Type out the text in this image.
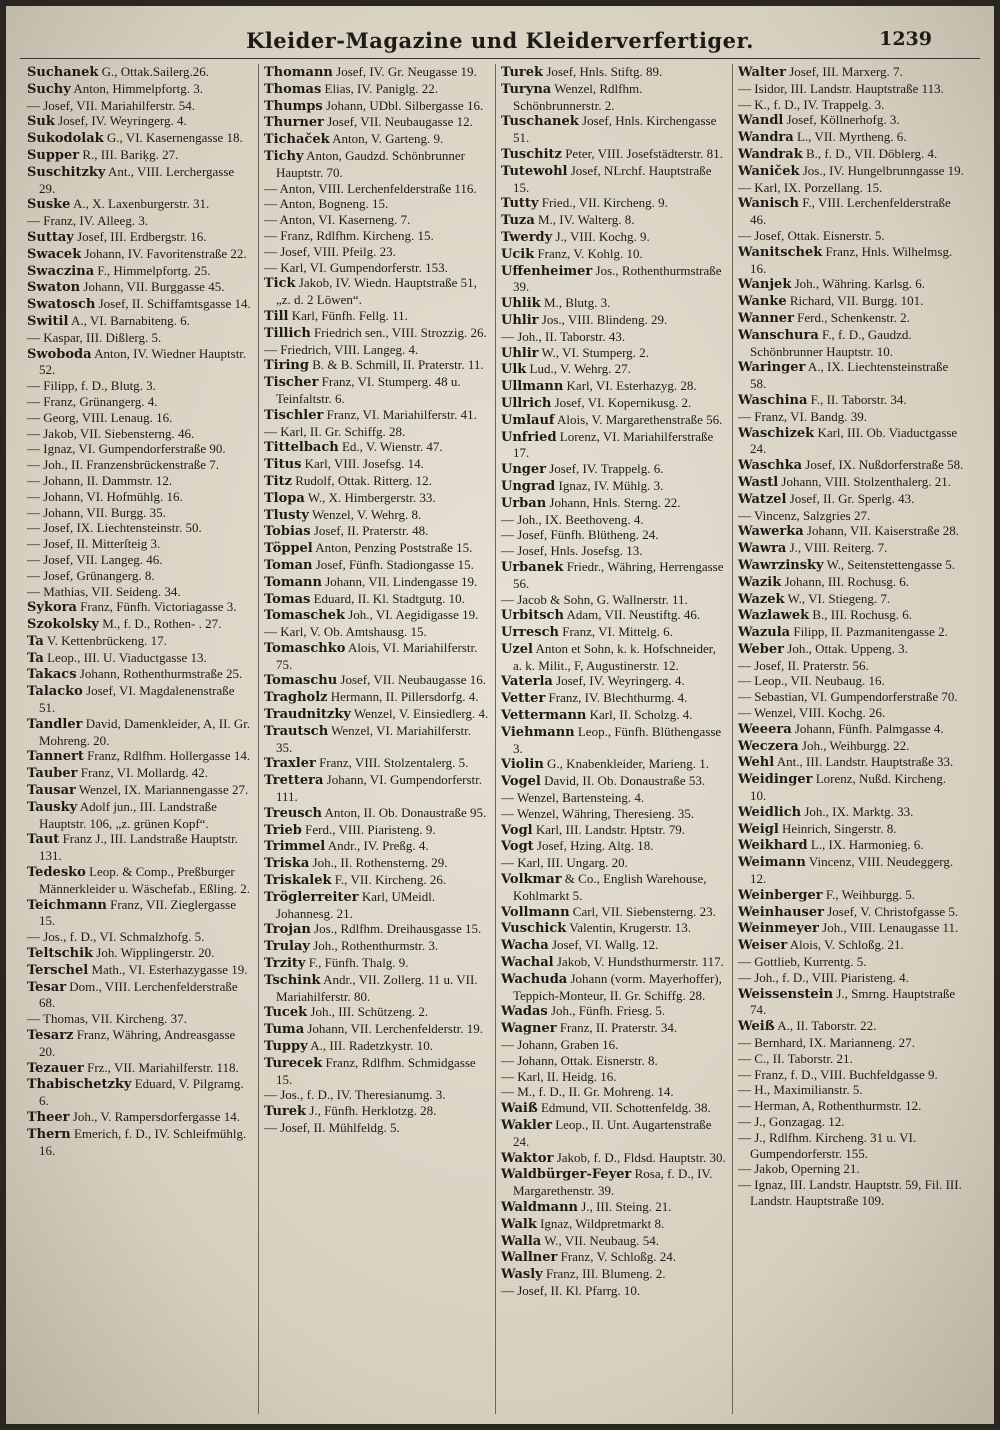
Kleider-Magazine und Kleiderverfertiger.	1239
Suchanek G., Ottak.Sailerg.26.
Suchy Anton, Himmelpfortg. 3.
— Josef, VII. Mariahilferstr. 54.
Suk Josef, IV. Weyringerg. 4.
Sukodolak G., VI. Kasernengasse 18.
Supper R., III. Bariķg. 27.
Suschitzky Ant., VIII. Lerchergasse 29.
Suske A., X. Laxenburgerstr. 31.
— Franz, IV. Alleeg. 3.
Suttay Josef, III. Erdbergstr. 16.
Swacek Johann, IV. Favoritenstraße 22.
Swaczina F., Himmelpfortg. 25.
Swaton Johann, VII. Burggasse 45.
Swatosch Josef, II. Schiffamtsgasse 14.
Switil A., VI. Barnabiteng. 6.
— Kaspar, III. Dißlerg. 5.
Swoboda Anton, IV. Wiedner Hauptstr. 52.
— Filipp, f. D., Blutg. 3.
— Franz, Grünangerg. 4.
— Georg, VIII. Lenaug. 16.
— Jakob, VII. Siebensterng. 46.
— Ignaz, VI. Gumpendorferstraße 90.
— Joh., II. Franzensbrückenstraße 7.
— Johann, II. Dammstr. 12.
— Johann, VI. Hofmühlg. 16.
— Johann, VII. Burgg. 35.
— Josef, IX. Liechtensteinstr. 50.
— Josef, II. Mitterſteig 3.
— Josef, VII. Langeg. 46.
— Josef, Grünangerg. 8.
— Mathias, VII. Seideng. 34.
Sykora Franz, Fünfh. Victoriagasse 3.
Szokolsky M., f. D., Rothen- . 27.
Ta V. Kettenbrückeng. 17.
Ta Leop., III. U. Viaductgasse 13.
Takacs Johann, Rothenthurmstraße 25.
Talacko Josef, VI. Magdalenenstraße 51.
Tandler David, Damenkleider, A, II. Gr. Mohreng. 20.
Tannert Franz, Rdlfhm. Hollergasse 14.
Tauber Franz, VI. Mollardg. 42.
Tausar Wenzel, IX. Mariannengasse 27.
Tausky Adolf jun., III. Landstraße Hauptstr. 106, „z. grünen Kopf“.
Taut Franz J., III. Landstraße Hauptstr. 131.
Tedesko Leop. & Comp., Preßburger Männerkleider u. Wäschefab., Eßling. 2.
Teichmann Franz, VII. Zieglergasse 15.
— Jos., f. D., VI. Schmalzhofg. 5.
Teltschik Joh. Wipplingerstr. 20.
Terschel Math., VI. Esterhazygasse 19.
Tesar Dom., VIII. Lerchenfelderstraße 68.
— Thomas, VII. Kircheng. 37.
Tesarz Franz, Währing, Andreasgasse 20.
Tezauer Frz., VII. Mariahilferstr. 118.
Thabischetzky Eduard, V. Pilgramg. 6.
Theer Joh., V. Rampersdorfergasse 14.
Thern Emerich, f. D., IV. Schleifmühlg. 16.
Thomann Josef, IV. Gr. Neugasse 19.
Thomas Elias, IV. Paniglg. 22.
Thumps Johann, UDbl. Silbergasse 16.
Thurner Josef, VII. Neubaugasse 12.
Tichaček Anton, V. Garteng. 9.
Tichy Anton, Gaudzd. Schönbrunner Hauptstr. 70.
— Anton, VIII. Lerchenfelderstraße 116.
— Anton, Bogneng. 15.
— Anton, VI. Kaserneng. 7.
— Franz, Rdlfhm. Kircheng. 15.
— Josef, VIII. Pfeilg. 23.
— Karl, VI. Gumpendorferstr. 153.
Tick Jakob, IV. Wiedn. Hauptstraße 51, „z. d. 2 Löwen“.
Till Karl, Fünfh. Fellg. 11.
Tillich Friedrich sen., VIII. Strozzig. 26.
— Friedrich, VIII. Langeg. 4.
Tiring B. & B. Schmill, II. Praterstr. 11.
Tischer Franz, VI. Stumperg. 48 u. Teinfaltstr. 6.
Tischler Franz, VI. Mariahilferstr. 41.
— Karl, II. Gr. Schiffg. 28.
Tittelbach Ed., V. Wienstr. 47.
Titus Karl, VIII. Josefsg. 14.
Titz Rudolf, Ottak. Ritterg. 12.
Tlopa W., X. Himbergerstr. 33.
Tlusty Wenzel, V. Wehrg. 8.
Tobias Josef, II. Praterstr. 48.
Töppel Anton, Penzing Poststraße 15.
Toman Josef, Fünfh. Stadiongasse 15.
Tomann Johann, VII. Lindengasse 19.
Tomas Eduard, II. Kl. Stadtgutg. 10.
Tomaschek Joh., VI. Aegidigasse 19.
— Karl, V. Ob. Amtshausg. 15.
Tomaschko Alois, VI. Mariahilferstr. 75.
Tomaschu Josef, VII. Neubaugasse 16.
Tragholz Hermann, II. Pillersdorfg. 4.
Traudnitzky Wenzel, V. Einsiedlerg. 4.
Trautsch Wenzel, VI. Mariahilferstr. 35.
Traxler Franz, VIII. Stolzentalerg. 5.
Trettera Johann, VI. Gumpendorferstr. 111.
Treusch Anton, II. Ob. Donaustraße 95.
Trieb Ferd., VIII. Piaristeng. 9.
Trimmel Andr., IV. Preßg. 4.
Triska Joh., II. Rothensterng. 29.
Triskalek F., VII. Kircheng. 26.
Tröglerreiter Karl, UMeidl. Johannesg. 21.
Trojan Jos., Rdlfhm. Dreihausgasse 15.
Trulay Joh., Rothenthurmstr. 3.
Trzity F., Fünfh. Thalg. 9.
Tschink Andr., VII. Zollerg. 11 u. VII. Mariahilferstr. 80.
Tucek Joh., III. Schützeng. 2.
Tuma Johann, VII. Lerchenfelderstr. 19.
Tuppy A., III. Radetzkystr. 10.
Turecek Franz, Rdlfhm. Schmidgasse 15.
— Jos., f. D., IV. Theresianumg. 3.
Turek J., Fünfh. Herklotzg. 28.
— Josef, II. Mühlfeldg. 5.
Turek Josef, Hnls. Stiftg. 89.
Turyna Wenzel, Rdlfhm. Schönbrunnerstr. 2.
Tuschanek Josef, Hnls. Kirchengasse 51.
Tuschitz Peter, VIII. Josefstädterstr. 81.
Tutewohl Josef, NLrchf. Hauptstraße 15.
Tutty Fried., VII. Kircheng. 9.
Tuza M., IV. Walterg. 8.
Twerdy J., VIII. Kochg. 9.
Ucik Franz, V. Kohlg. 10.
Uffenheimer Jos., Rothenthurmstraße 39.
Uhlik M., Blutg. 3.
Uhlir Jos., VIII. Blindeng. 29.
— Joh., II. Taborstr. 43.
Uhlir W., VI. Stumperg. 2.
Ulk Lud., V. Wehrg. 27.
Ullmann Karl, VI. Esterhazyg. 28.
Ullrich Josef, VI. Kopernikusg. 2.
Umlauf Alois, V. Margarethenstraße 56.
Unfried Lorenz, VI. Mariahilferstraße 17.
Unger Josef, IV. Trappelg. 6.
Ungrad Ignaz, IV. Mühlg. 3.
Urban Johann, Hnls. Sterng. 22.
— Joh., IX. Beethoveng. 4.
— Josef, Fünfh. Blütheng. 24.
— Josef, Hnls. Josefsg. 13.
Urbanek Friedr., Währing, Herrengasse 56.
— Jacob & Sohn, G. Wallnerstr. 11.
Urbitsch Adam, VII. Neustiftg. 46.
Urresch Franz, VI. Mittelg. 6.
Uzel Anton et Sohn, k. k. Hofschneider, a. k. Milit., F, Augustinerstr. 12.
Vaterla Josef, IV. Weyringerg. 4.
Vetter Franz, IV. Blechthurmg. 4.
Vettermann Karl, II. Scholzg. 4.
Viehmann Leop., Fünfh. Blüthengasse 3.
Violin G., Knabenkleider, Marieng. 1.
Vogel David, II. Ob. Donaustraße 53.
— Wenzel, Bartensteing. 4.
— Wenzel, Währing, Theresieng. 35.
Vogl Karl, III. Landstr. Hptstr. 79.
Vogt Josef, Hzing. Altg. 18.
— Karl, III. Ungarg. 20.
Volkmar & Co., English Warehouse, Kohlmarkt 5.
Vollmann Carl, VII. Siebensterng. 23.
Vuschick Valentin, Krugerstr. 13.
Wacha Josef, VI. Wallg. 12.
Wachal Jakob, V. Hundsthurmerstr. 117.
Wachuda Johann (vorm. Mayerhoffer), Teppich-Monteur, II. Gr. Schiffg. 28.
Wadas Joh., Fünfh. Friesg. 5.
Wagner Franz, II. Praterstr. 34.
— Johann, Graben 16.
— Johann, Ottak. Eisnerstr. 8.
— Karl, II. Heidg. 16.
— M., f. D., II. Gr. Mohreng. 14.
Waiß Edmund, VII. Schottenfeldg. 38.
Wakler Leop., II. Unt. Augartenstraße 24.
Waktor Jakob, f. D., Fldsd. Hauptstr. 30.
Waldbürger-Feyer Rosa, f. D., IV. Margarethenstr. 39.
Waldmann J., III. Steing. 21.
Walk Ignaz, Wildpretmarkt 8.
Walla W., VII. Neubaug. 54.
Wallner Franz, V. Schloßg. 24.
Wasly Franz, III. Blumeng. 2.
— Josef, II. Kl. Pfarrg. 10.
Walter Josef, III. Marxerg. 7.
— Isidor, III. Landstr. Hauptstraße 113.
— K., f. D., IV. Trappelg. 3.
Wandl Josef, Köllnerhofg. 3.
Wandra L., VII. Myrtheng. 6.
Wandrak B., f. D., VII. Döblerg. 4.
Waniček Jos., IV. Hungelbrunngasse 19.
— Karl, IX. Porzellang. 15.
Wanisch F., VIII. Lerchenfelderstraße 46.
— Josef, Ottak. Eisnerstr. 5.
Wanitschek Franz, Hnls. Wilhelmsg. 16.
Wanjek Joh., Währing. Karlsg. 6.
Wanke Richard, VII. Burgg. 101.
Wanner Ferd., Schenkenstr. 2.
Wanschura F., f. D., Gaudzd. Schönbrunner Hauptstr. 10.
Waringer A., IX. Liechtensteinstraße 58.
Waschina F., II. Taborstr. 34.
— Franz, VI. Bandg. 39.
Waschizek Karl, III. Ob. Viaductgasse 24.
Waschka Josef, IX. Nußdorferstraße 58.
Wastl Johann, VIII. Stolzenthalerg. 21.
Watzel Josef, II. Gr. Sperlg. 43.
— Vincenz, Salzgries 27.
Wawerka Johann, VII. Kaiserstraße 28.
Wawra J., VIII. Reiterg. 7.
Wawrzinsky W., Seitenstettengasse 5.
Wazik Johann, III. Rochusg. 6.
Wazek W., VI. Stiegeng. 7.
Wazlawek B., III. Rochusg. 6.
Wazula Filipp, II. Pazmanitengasse 2.
Weber Joh., Ottak. Uppeng. 3.
— Josef, II. Praterstr. 56.
— Leop., VII. Neubaug. 16.
— Sebastian, VI. Gumpendorferstraße 70.
— Wenzel, VIII. Kochg. 26.
Weeera Johann, Fünfh. Palmgasse 4.
Weczera Joh., Weihburgg. 22.
Wehl Ant., III. Landstr. Hauptstraße 33.
Weidinger Lorenz, Nußd. Kircheng. 10.
Weidlich Joh., IX. Marktg. 33.
Weigl Heinrich, Singerstr. 8.
Weikhard L., IX. Harmonieg. 6.
Weimann Vincenz, VIII. Neudeggerg. 12.
Weinberger F., Weihburgg. 5.
Weinhauser Josef, V. Christofgasse 5.
Weinmeyer Joh., VIII. Lenaugasse 11.
Weiser Alois, V. Schloßg. 21.
— Gottlieb, Kurrentg. 5.
— Joh., f. D., VIII. Piaristeng. 4.
Weissenstein J., Smrng. Hauptstraße 74.
Weiß A., II. Taborstr. 22.
— Bernhard, IX. Marianneng. 27.
— C., II. Taborstr. 21.
— Franz, f. D., VIII. Buchfeldgasse 9.
— H., Maximilianstr. 5.
— Herman, A, Rothenthurmstr. 12.
— J., Gonzagag. 12.
— J., Rdlfhm. Kircheng. 31 u. VI. Gumpendorferstr. 155.
— Jakob, Operning 21.
— Ignaz, III. Landstr. Hauptstr. 59, Fil. III. Landstr. Hauptstraße 109.
